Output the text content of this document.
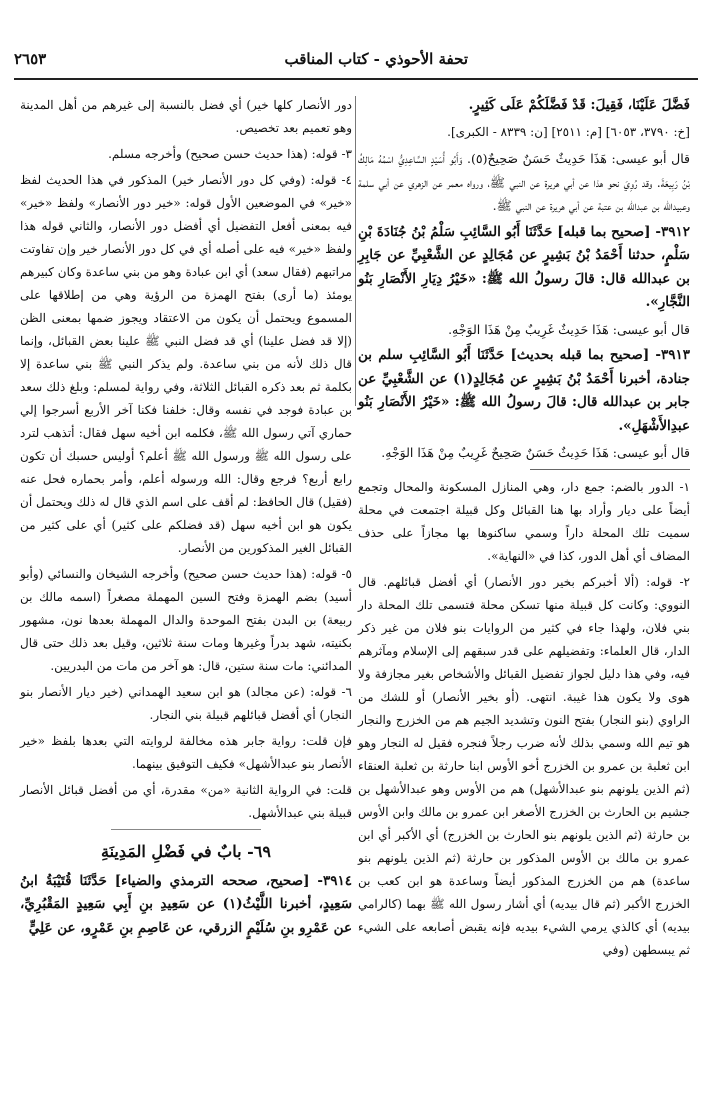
تحفة الأحوذي - كتاب المناقب
٢٦٥٣

فَضَّلَ عَلَيْنَا، فَقِيلَ: قَدْ فَضَّلَكُمْ عَلَى كَثِيرٍ.

[خ: ٣٧٩٠، ٦٠٥٣] [م: ٢٥١١] [ن: ٨٣٣٩ - الكبرى].

قال أبو عيسى: هَذَا حَدِيثٌ حَسَنٌ صَحِيحٌ(٥). وَأَبُو أُسَيْدٍ السَّاعِدِيُّ اسْمُهُ مَالِكُ بْنُ رَبِيعَةَ. وقد رُوِيَ نحو هذا عن أبي هريرة عن النبي ﷺ، ورواه معمر عن الزهري عن أبي سلمة وعبيدالله بن عبدالله بن عتبة عن أبي هريرة عن النبي ﷺ.

٣٩١٢- [صحيح بما قبله] حَدَّثَنَا أَبُو السَّائِبِ سَلْمُ بْنُ جُنَادَةَ بْنِ سَلْمٍ، حدثنا أَحْمَدُ بْنُ بَشِيرٍ عن مُجَالِدٍ عن الشَّعْبِيِّ عن جَابِرِ بن عبدالله قال: قالَ رسولُ الله ﷺ: «خَيْرُ دِيَارِ الأَنْصَارِ بَنُو النَّجَّارِ».

قال أبو عيسى: هَذَا حَدِيثٌ غَرِيبٌ مِنْ هَذَا الوَجْهِ.

٣٩١٣- [صحيح بما قبله بحديث] حَدَّثَنَا أَبُو السَّائِبِ سلم بن جنادة، أخبرنا أَحْمَدُ بْنُ بَشِيرٍ عن مُجَالِدٍ(١) عن الشَّعْبِيِّ عن جابر بن عبدالله قال: قالَ رسولُ الله ﷺ: «خَيْرُ الأَنْصَارِ بَنُو عبدِالأَشْهَلِ».

قال أبو عيسى: هَذَا حَدِيثٌ حَسَنٌ صَحِيحٌ غَرِيبٌ مِنْ هَذَا الوَجْهِ.

١- الدور بالضم: جمع دار، وهي المنازل المسكونة والمحال وتجمع أيضاً على ديار وأراد بها هنا القبائل وكل قبيلة اجتمعت في محلة سميت تلك المحلة داراً وسمي ساكنوها بها مجازاً على حذف المضاف أي أهل الدور، كذا في «النهاية».

٢- قوله: (ألا أخبركم بخير دور الأنصار) أي أفضل قبائلهم. قال النووي: وكانت كل قبيلة منها تسكن محلة فتسمى تلك المحلة دار بني فلان، ولهذا جاء في كثير من الروايات بنو فلان من غير ذكر الدار، قال العلماء: وتفضيلهم على قدر سبقهم إلى الإسلام ومآثرهم فيه، وفي هذا دليل لجواز تفضيل القبائل والأشخاص بغير مجازفة ولا هوى ولا يكون هذا غيبة. انتهى. (أو بخير الأنصار) أو للشك من الراوي (بنو النجار) بفتح النون وتشديد الجيم هم من الخزرج والنجار هو تيم الله وسمي بذلك لأنه ضرب رجلاً فنجره فقيل له النجار وهو ابن ثعلبة بن عمرو بن الخزرج أخو الأوس ابنا حارثة بن ثعلبة العنقاء (ثم الذين يلونهم بنو عبدالأشهل) هم من الأوس وهو عبدالأشهل بن جشيم بن الحارث بن الخزرج الأصغر ابن عمرو بن مالك وابن الأوس بن حارثة (ثم الذين يلونهم بنو الحارث بن الخزرج) أي الأكبر أي ابن عمرو بن مالك بن الأوس المذكور بن حارثة (ثم الذين يلونهم بنو ساعدة) هم من الخزرج المذكور أيضاً وساعدة هو ابن كعب بن الخزرج الأكبر (ثم قال بيديه) أي أشار رسول الله ﷺ بهما (كالرامي بيديه) أي كالذي يرمي الشيء بيديه فإنه يقبض أصابعه على الشيء ثم يبسطهن (وفي

دور الأنصار كلها خير) أي فضل بالنسبة إلى غيرهم من أهل المدينة وهو تعميم بعد تخصيص.

٣- قوله: (هذا حديث حسن صحيح) وأخرجه مسلم.

٤- قوله: (وفي كل دور الأنصار خير) المذكور في هذا الحديث لفظ «خير» في الموضعين الأول قوله: «خير دور الأنصار» ولفظ «خير» فيه بمعنى أفعل التفضيل أي أفضل دور الأنصار، والثاني قوله هذا ولفظ «خير» فيه على أصله أي في كل دور الأنصار خير وإن تفاوتت مراتبهم (فقال سعد) أي ابن عبادة وهو من بني ساعدة وكان كبيرهم يومئذ (ما أرى) بفتح الهمزة من الرؤية وهي من إطلاقها على المسموع ويحتمل أن يكون من الاعتقاد ويجوز ضمها بمعنى الظن (إلا قد فضل علينا) أي قد فضل النبي ﷺ علينا بعض القبائل، وإنما قال ذلك لأنه من بني ساعدة. ولم يذكر النبي ﷺ بني ساعدة إلا بكلمة ثم بعد ذكره القبائل الثلاثة، وفي رواية لمسلم: وبلغ ذلك سعد بن عبادة فوجد في نفسه وقال: خلفنا فكنا آخر الأربع أسرجوا إلي حماري آتي رسول الله ﷺ، فكلمه ابن أخيه سهل فقال: أتذهب لترد على رسول الله ﷺ ورسول الله ﷺ أعلم؟ أوليس حسبك أن تكون رابع أربع؟ فرجع وقال: الله ورسوله أعلم، وأمر بحماره فحل عنه (فقيل) قال الحافظ: لم أقف على اسم الذي قال له ذلك ويحتمل أن يكون هو ابن أخيه سهل (قد فضلكم على كثير) أي على كثير من القبائل الغير المذكورين من الأنصار.

٥- قوله: (هذا حديث حسن صحيح) وأخرجه الشيخان والنسائي (وأبو أسيد) بضم الهمزة وفتح السين المهملة مصغراً (اسمه مالك بن ربيعة) بن البدن بفتح الموحدة والدال المهملة بعدها نون، مشهور بكنيته، شهد بدراً وغيرها ومات سنة ثلاثين، وقيل بعد ذلك حتى قال المدائني: مات سنة ستين، قال: هو آخر من مات من البدريين.

٦- قوله: (عن مجالد) هو ابن سعيد الهمداني (خير ديار الأنصار بنو النجار) أي أفضل قبائلهم قبيلة بني النجار.

فإن قلت: رواية جابر هذه مخالفة لروايته التي بعدها بلفظ «خير الأنصار بنو عبدالأشهل» فكيف التوفيق بينهما.

قلت: في الرواية الثانية «من» مقدرة، أي من أفضل قبائل الأنصار قبيلة بني عبدالأشهل.

٦٩- بابٌ في فَضْلِ المَدِينَةِ

٣٩١٤- [صحيح، صححه الترمذي والضياء] حَدَّثَنَا قُتَيْبَةُ ابنُ سَعِيدٍ، أخبرنا اللَّيْثُ(١) عن سَعِيدِ بنِ أَبِي سَعِيدٍ المَقْبُرِيِّ، عن عَمْرِو بنِ سُلَيْمٍ الزرقي، عن عَاصِمِ بنِ عَمْرٍو، عن عَلِيٍّ
